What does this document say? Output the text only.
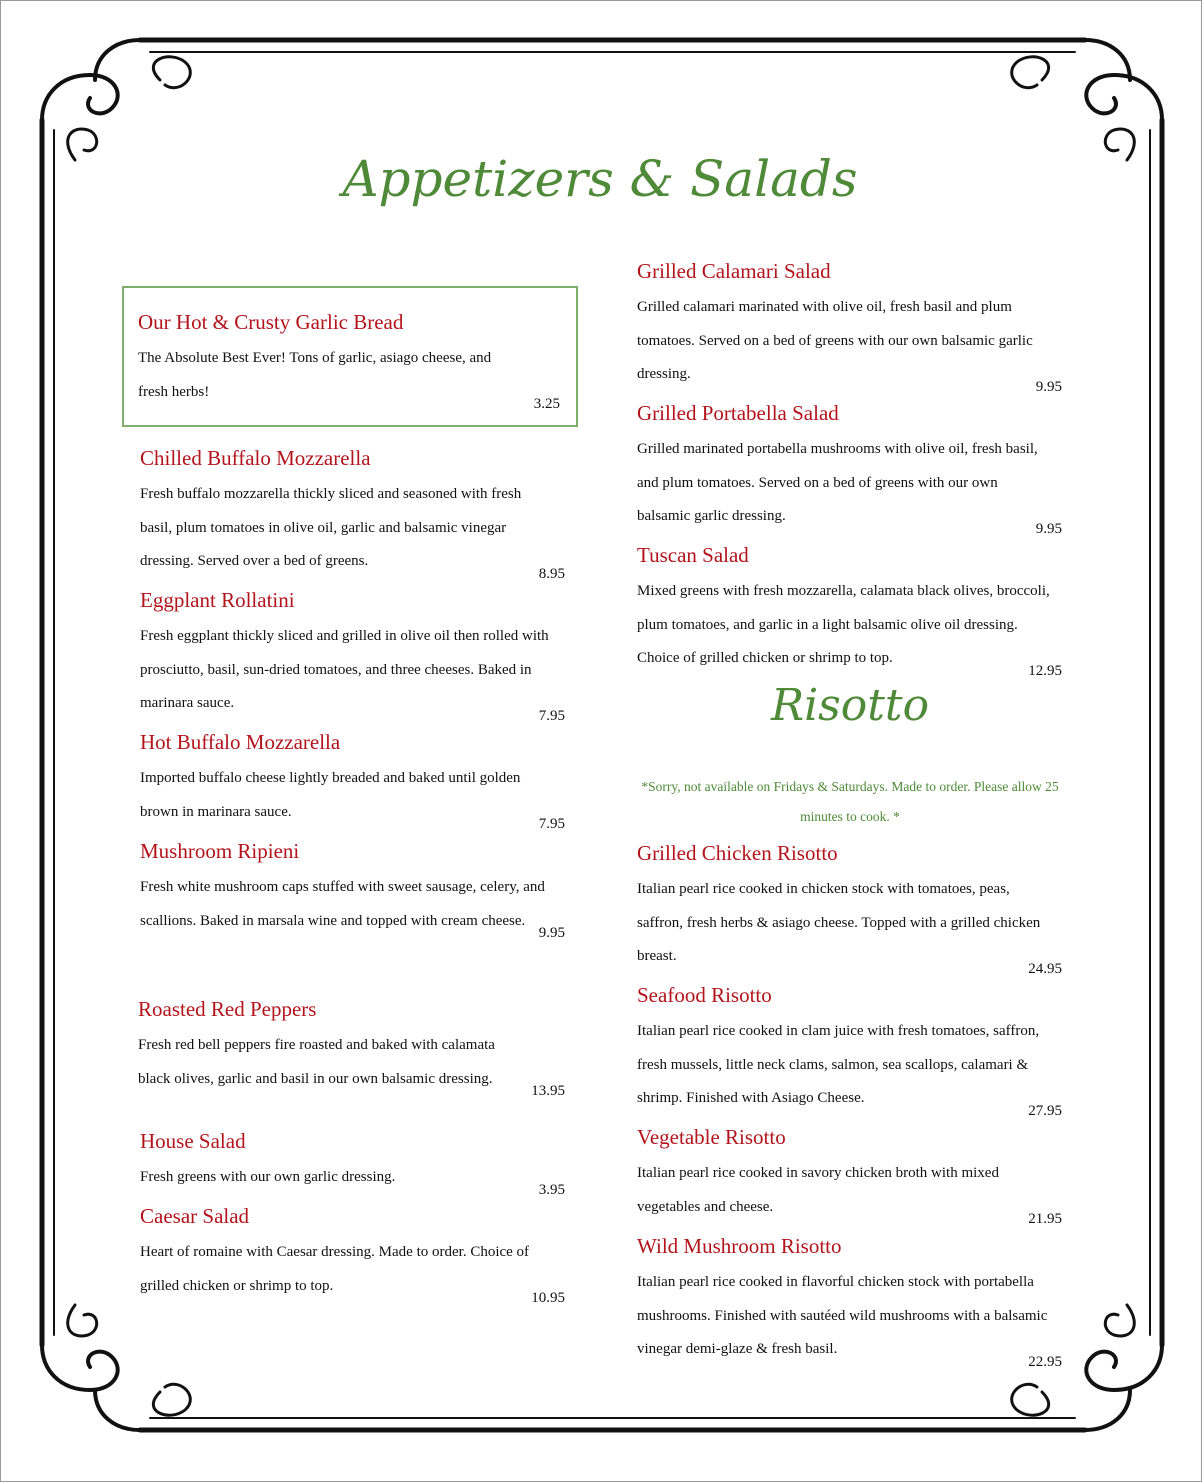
Appetizers & Salads
Risotto
*Sorry, not available on Fridays & Saturdays. Made to order. Please allow 25 minutes to cook. *
Our Hot & Crusty Garlic Bread
The Absolute Best Ever! Tons of garlic, asiago cheese, and fresh herbs!
3.25
Chilled Buffalo Mozzarella
Fresh buffalo mozzarella thickly sliced and seasoned with fresh basil, plum tomatoes in olive oil, garlic and balsamic vinegar dressing. Served over a bed of greens.
8.95
Eggplant Rollatini
Fresh eggplant thickly sliced and grilled in olive oil then rolled with prosciutto, basil, sun-dried tomatoes, and three cheeses. Baked in marinara sauce.
7.95
Hot Buffalo Mozzarella
Imported buffalo cheese lightly breaded and baked until golden brown in marinara sauce.
7.95
Mushroom Ripieni
Fresh white mushroom caps stuffed with sweet sausage, celery, and scallions. Baked in marsala wine and topped with cream cheese.
9.95
Roasted Red Peppers
Fresh red bell peppers fire roasted and baked with calamata black olives, garlic and basil in our own balsamic dressing.
13.95
House Salad
Fresh greens with our own garlic dressing.
3.95
Caesar Salad
Heart of romaine with Caesar dressing. Made to order. Choice of grilled chicken or shrimp to top.
10.95
Grilled Calamari Salad
Grilled calamari marinated with olive oil, fresh basil and plum tomatoes. Served on a bed of greens with our own balsamic garlic dressing.
9.95
Grilled Portabella Salad
Grilled marinated portabella mushrooms with olive oil, fresh basil, and plum tomatoes. Served on a bed of greens with our own balsamic garlic dressing.
9.95
Tuscan Salad
Mixed greens with fresh mozzarella, calamata black olives, broccoli, plum tomatoes, and garlic in a light balsamic olive oil dressing. Choice of grilled chicken or shrimp to top.
12.95
Grilled Chicken Risotto
Italian pearl rice cooked in chicken stock with tomatoes, peas, saffron, fresh herbs & asiago cheese. Topped with a grilled chicken breast.
24.95
Seafood Risotto
Italian pearl rice cooked in clam juice with fresh tomatoes, saffron, fresh mussels, little neck clams, salmon, sea scallops, calamari & shrimp. Finished with Asiago Cheese.
27.95
Vegetable Risotto
Italian pearl rice cooked in savory chicken broth with mixed vegetables and cheese.
21.95
Wild Mushroom Risotto
Italian pearl rice cooked in flavorful chicken stock with portabella mushrooms. Finished with sautéed wild mushrooms with a balsamic vinegar demi-glaze & fresh basil.
22.95
